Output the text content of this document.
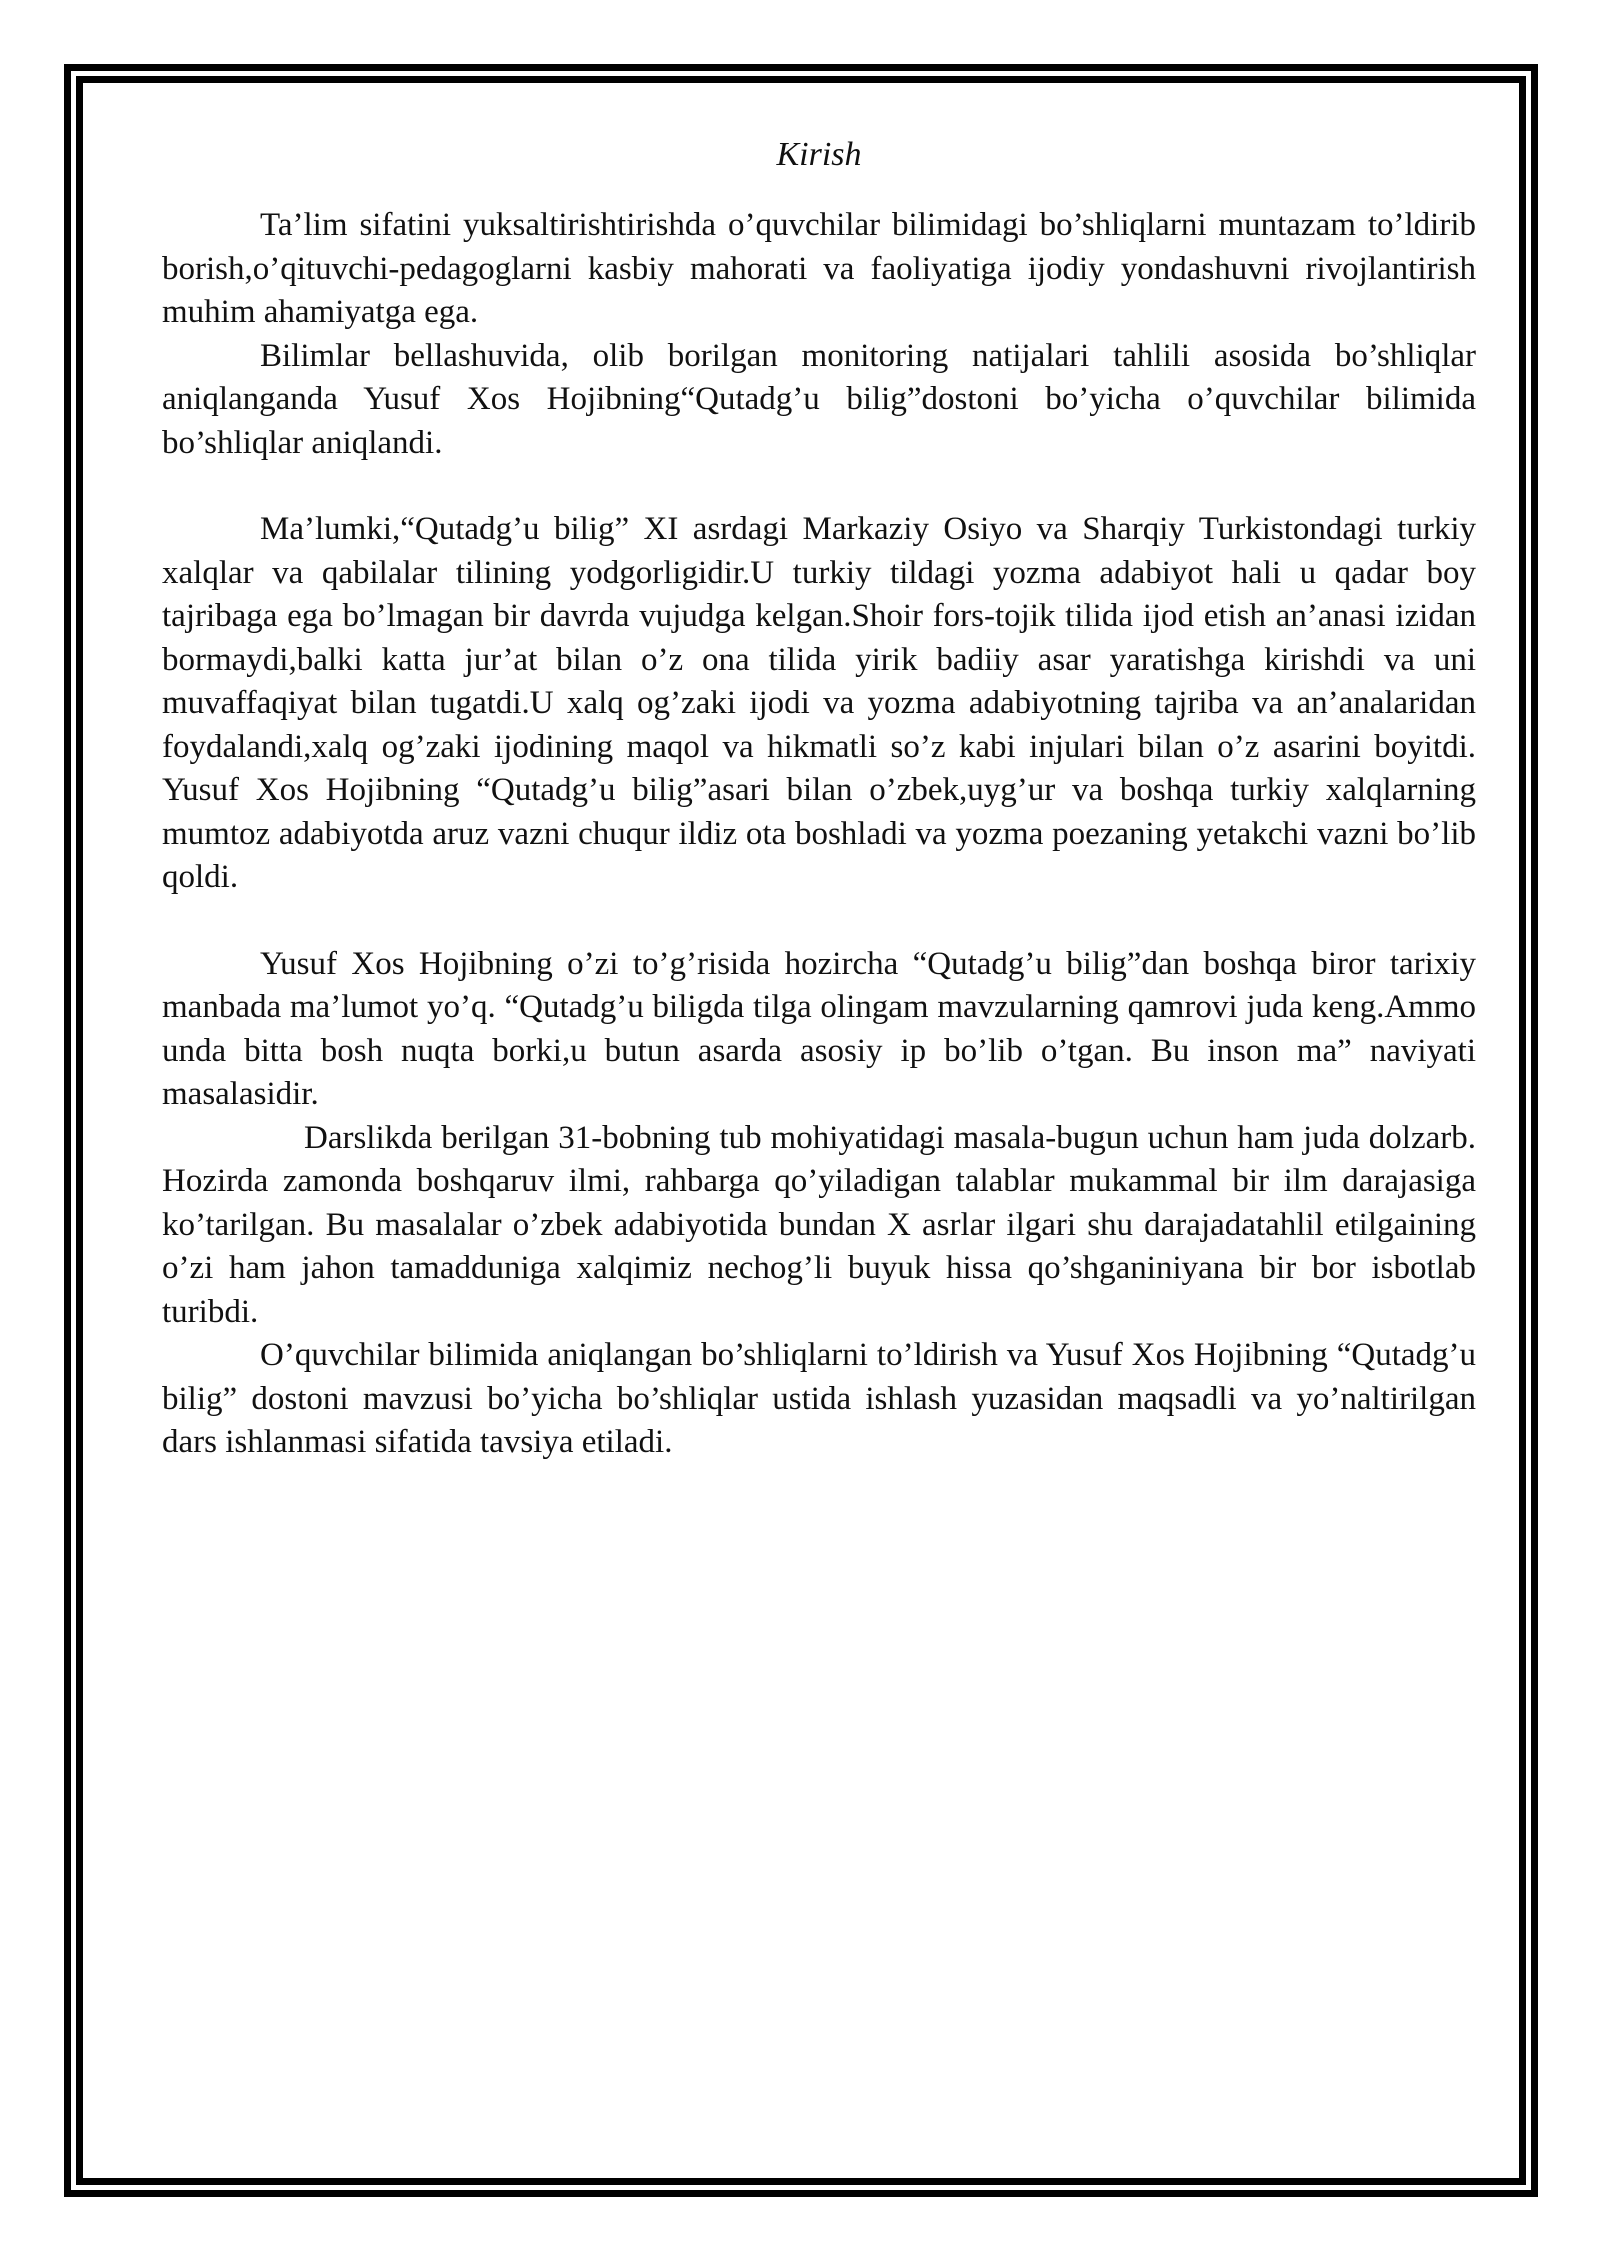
Kirish

Ta’lim sifatini yuksaltirishtirishda o’quvchilar bilimidagi bo’shliqlarni muntazam to’ldirib borish,o’qituvchi-pedagoglarni kasbiy mahorati va faoliyatiga ijodiy yondashuvni rivojlantirish muhim ahamiyatga ega.

Bilimlar bellashuvida, olib borilgan monitoring natijalari tahlili asosida bo’shliqlar aniqlanganda Yusuf Xos Hojibning“Qutadg’u bilig”dostoni bo’yicha o’quvchilar bilimida bo’shliqlar aniqlandi.

Ma’lumki,“Qutadg’u bilig” XI asrdagi Markaziy Osiyo va Sharqiy Turkistondagi turkiy xalqlar va qabilalar tilining yodgorligidir.U turkiy tildagi yozma adabiyot hali u qadar boy tajribaga ega bo’lmagan bir davrda vujudga kelgan.Shoir fors-tojik tilida ijod etish an’anasi izidan bormaydi,balki katta jur’at bilan o’z ona tilida yirik badiiy asar yaratishga kirishdi va uni muvaffaqiyat bilan tugatdi.U xalq og’zaki ijodi va yozma adabiyotning tajriba va an’analaridan foydalandi,xalq og’zaki ijodining maqol va hikmatli so’z kabi injulari bilan o’z asarini boyitdi. Yusuf Xos Hojibning “Qutadg’u bilig”asari bilan o’zbek,uyg’ur va boshqa turkiy xalqlarning mumtoz adabiyotda aruz vazni chuqur ildiz ota boshladi va yozma poezaning yetakchi vazni bo’lib qoldi.

Yusuf Xos Hojibning o’zi to’g’risida hozircha “Qutadg’u bilig”dan boshqa biror tarixiy manbada ma’lumot yo’q. “Qutadg’u biligda tilga olingam mavzularning qamrovi juda keng.Ammo unda bitta bosh nuqta borki,u butun asarda asosiy ip bo’lib o’tgan. Bu inson ma” naviyati masalasidir.

Darslikda berilgan 31-bobning tub mohiyatidagi masala-bugun uchun ham juda dolzarb. Hozirda zamonda boshqaruv ilmi, rahbarga qo’yiladigan talablar mukammal bir ilm darajasiga ko’tarilgan. Bu masalalar o’zbek adabiyotida bundan X asrlar ilgari shu darajadatahlil etilgaining o’zi ham jahon tamadduniga xalqimiz nechog’li buyuk hissa qo’shganiniyana bir bor isbotlab turibdi.

O’quvchilar bilimida aniqlangan bo’shliqlarni to’ldirish va Yusuf Xos Hojibning “Qutadg’u bilig” dostoni mavzusi bo’yicha bo’shliqlar ustida ishlash yuzasidan maqsadli va yo’naltirilgan dars ishlanmasi sifatida tavsiya etiladi.
